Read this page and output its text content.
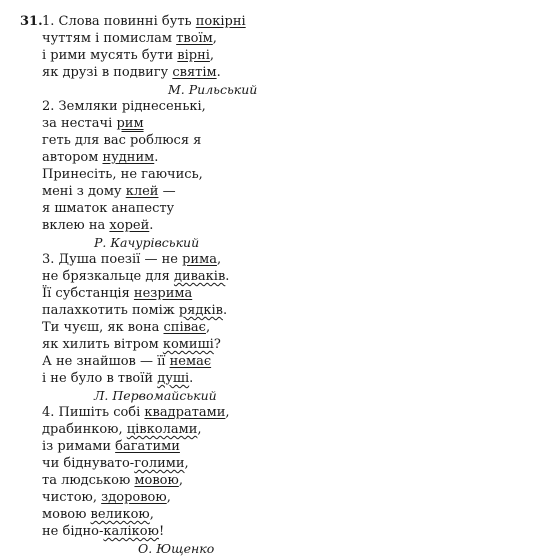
31.1. Слова повинні буть покірні
чуттям і помислам твоїм,
і рими мусять бути вірні,
як друзі в подвигу святім.
М. Рильський
2. Земляки ріднесенькі,
за нестачі рим
геть для вас роблюся я
автором нудним.
Принесіть, не гаючись,
мені з дому клей —
я шматок анапесту
вклею на хорей.
Р. Качурівський
3. Душа поезії — не рима,
не брязкальце для диваків.
Її субстанція незрима
палахкотить поміж рядків.
Ти чуєш, як вона співає,
як хилить вітром комиші?
А не знайшов — її немає
і не було в твоїй душі.
Л. Первомайський
4. Пишіть собі квадратами,
драбинкою, цівколами,
із римами багатими
чи біднувато-голими,
та людською мовою,
чистою, здоровою,
мовою великою,
не бідно-калікою!
О. Ющенко
